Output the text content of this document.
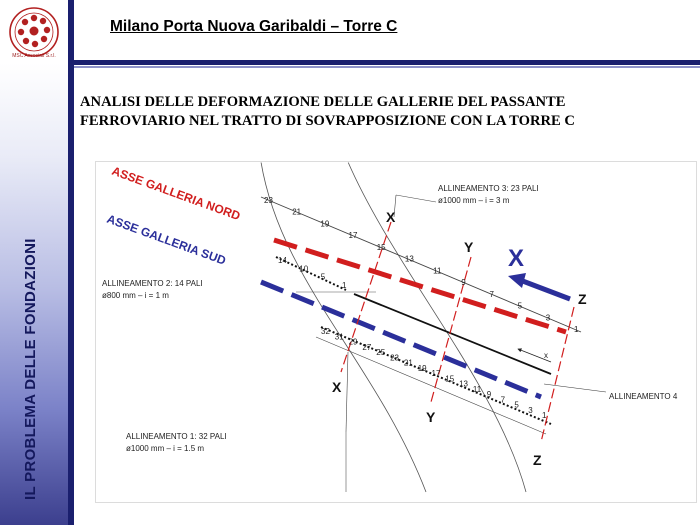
MSC Associati S.r.l.
IL PROBLEMA DELLE FONDAZIONI
Milano Porta Nuova Garibaldi – Torre C
ANALISI DELLE DEFORMAZIONE DELLE GALLERIE DEL PASSANTE
FERROVIARIO NEL TRATTO DI SOVRAPPOSIZIONE CON LA TORRE C
ASSE GALLERIA NORD
ASSE GALLERIA SUD
ALLINEAMENTO 3: 23 PALI
ø1000 mm – i = 3 m
ALLINEAMENTO 2: 14 PALI
ø800 mm – i = 1 m
ALLINEAMENTO 1: 32 PALI
ø1000 mm – i = 1.5 m
ALLINEAMENTO 4
X
X
Y
Y
Z
Z
X
x
23
21
19
17
15
13
11
9
7
5
3
1
14
10
5
1
32
31
29
27
25
23
21
19
17
15
13
11
9
7
5
3
1
